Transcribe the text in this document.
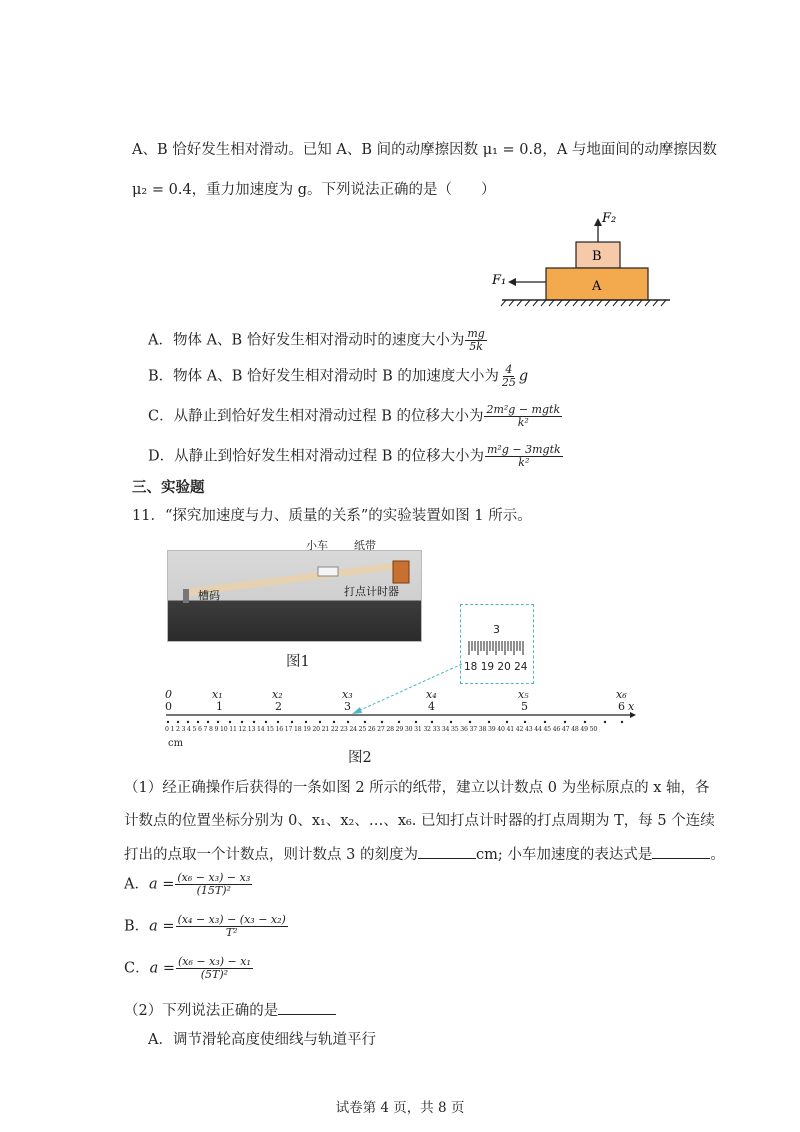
A、B 恰好发生相对滑动。已知 A、B 间的动摩擦因数 μ₁ = 0.8，A 与地面间的动摩擦因数
μ₂ = 0.4，重力加速度为 g。下列说法正确的是（　　）
F₂
F₁
B
A
A．物体 A、B 恰好发生相对滑动时的速度大小为 $\frac{mg}{5k}$
B．物体 A、B 恰好发生相对滑动时 B 的加速度大小为 $\frac{4}{25}$ g
C．从静止到恰好发生相对滑动过程 B 的位移大小为 $\frac{\text{2m²g − mgtk}}{\text{k²}}$
D．从静止到恰好发生相对滑动过程 B 的位移大小为 $\frac{\text{m²g − 3mgtk}}{\text{k²}}$
三、实验题
11．“探究加速度与力、质量的关系”的实验装置如图 1 所示。
小车 纸带
槽码	打点计时器
图1
3
18 19 20 24
0	x₁	x₂	x₃	x₄	x₅	x₆
0	1	2	3	4	5	6 x
0 1 2 3 4 5 6 7 8 9 10 11 12 13 14 15 16 17 18 19 20 21 22 23 24 25 26 27 28 29 30 31 32 33 34 35 36 37 38 39 40 41 42 43 44 45 46 47 48 49 50
cm
图2
（1）经正确操作后获得的一条如图 2 所示的纸带，建立以计数点 0 为坐标原点的 x 轴，各
计数点的位置坐标分别为 0、x₁、x₂、…、x₆. 已知打点计时器的打点周期为 T，每 5 个连续
打出的点取一个计数点，则计数点 3 的刻度为	cm; 小车加速度的表达式是	。
A．$a = \frac{\text{(x₆ − x₃) − x₃}}{\text{(15T)²}}$
B．$a = \frac{\text{(x₄ − x₃) − (x₃ − x₂)}}{\text{T²}}$
C．$a = \frac{\text{(x₆ − x₃) − x₁}}{\text{(5T)²}}$
（2）下列说法正确的是
A．调节滑轮高度使细线与轨道平行
试卷第 4 页，共 8 页
